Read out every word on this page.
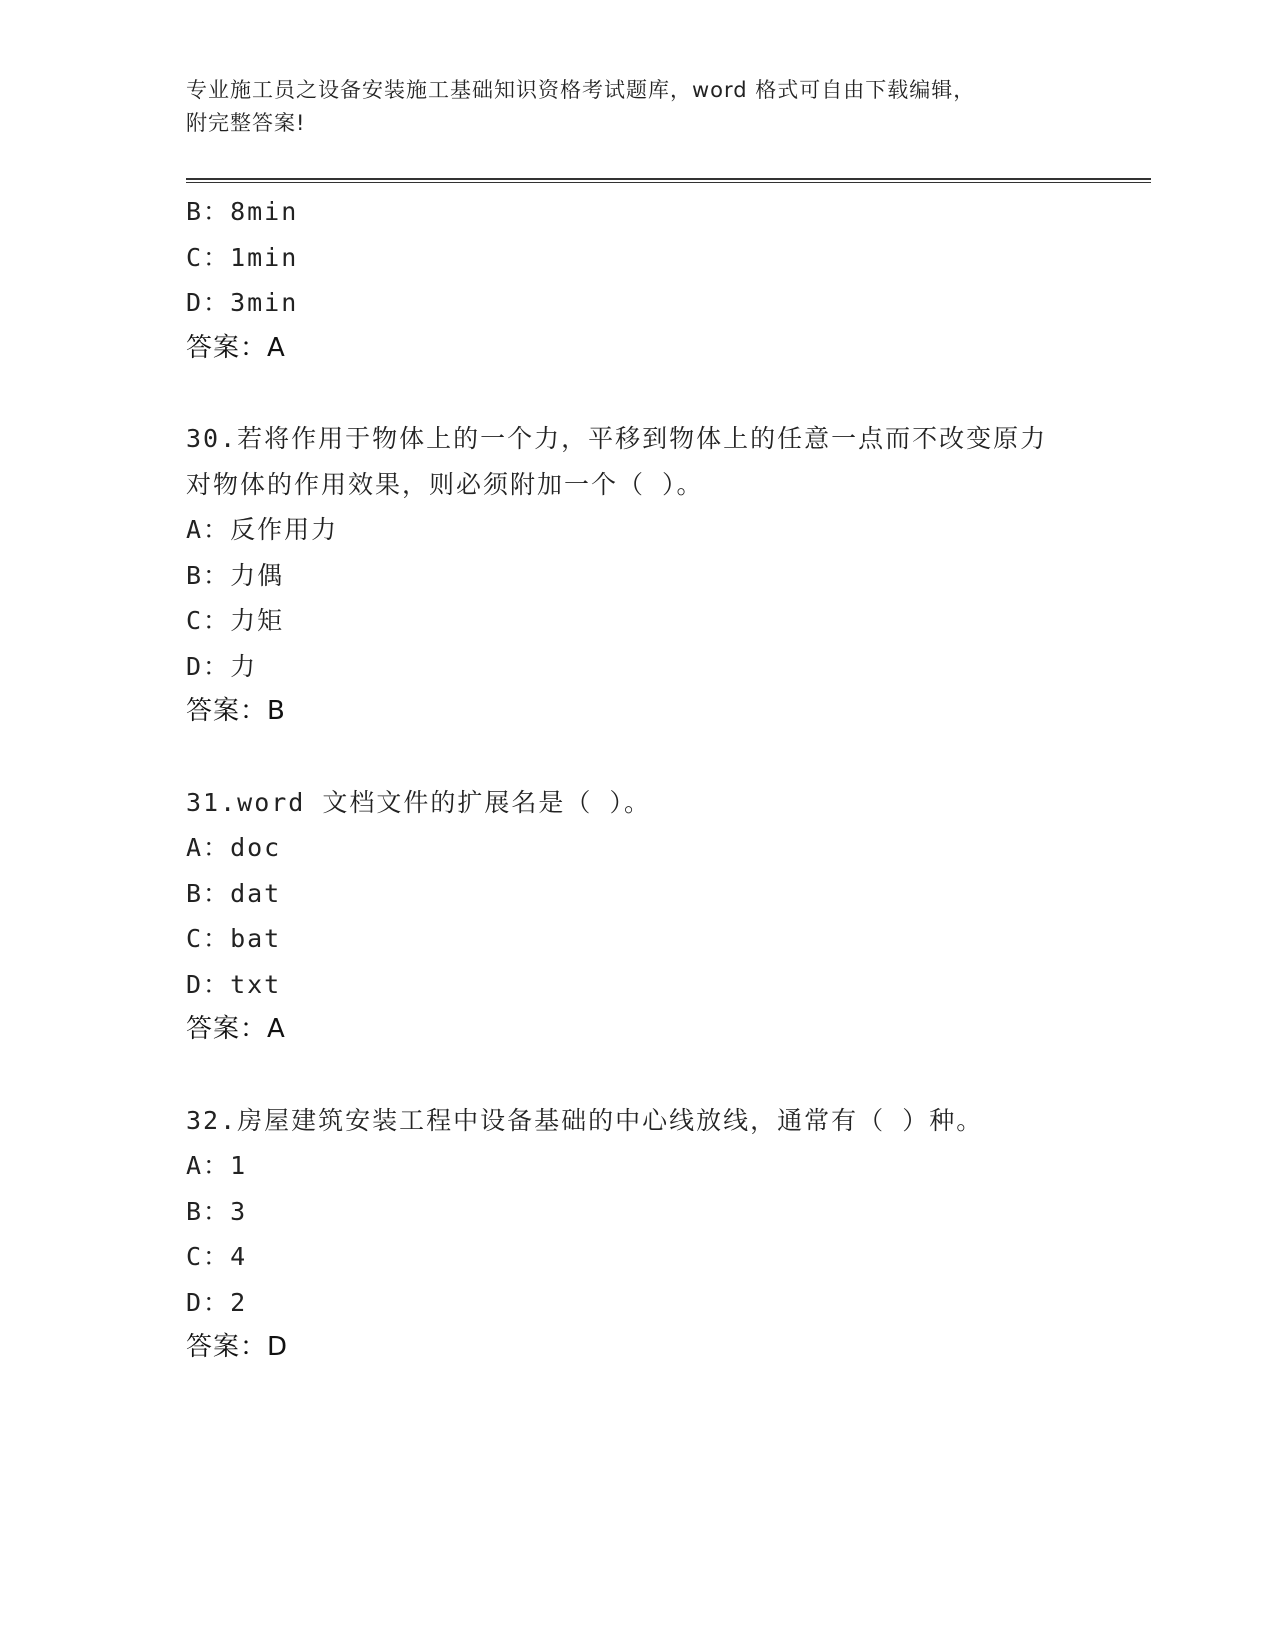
专业施工员之设备安装施工基础知识资格考试题库，word 格式可自由下载编辑，
附完整答案!
B：8min
C：1min
D：3min
答案：A
30.若将作用于物体上的一个力，平移到物体上的任意一点而不改变原力对物体的作用效果，则必须附加一个（ ）。
A：反作用力
B：力偶
C：力矩
D：力
答案：B
31.word 文档文件的扩展名是（ ）。
A：doc
B：dat
C：bat
D：txt
答案：A
32.房屋建筑安装工程中设备基础的中心线放线，通常有（ ）种。
A：1
B：3
C：4
D：2
答案：D
